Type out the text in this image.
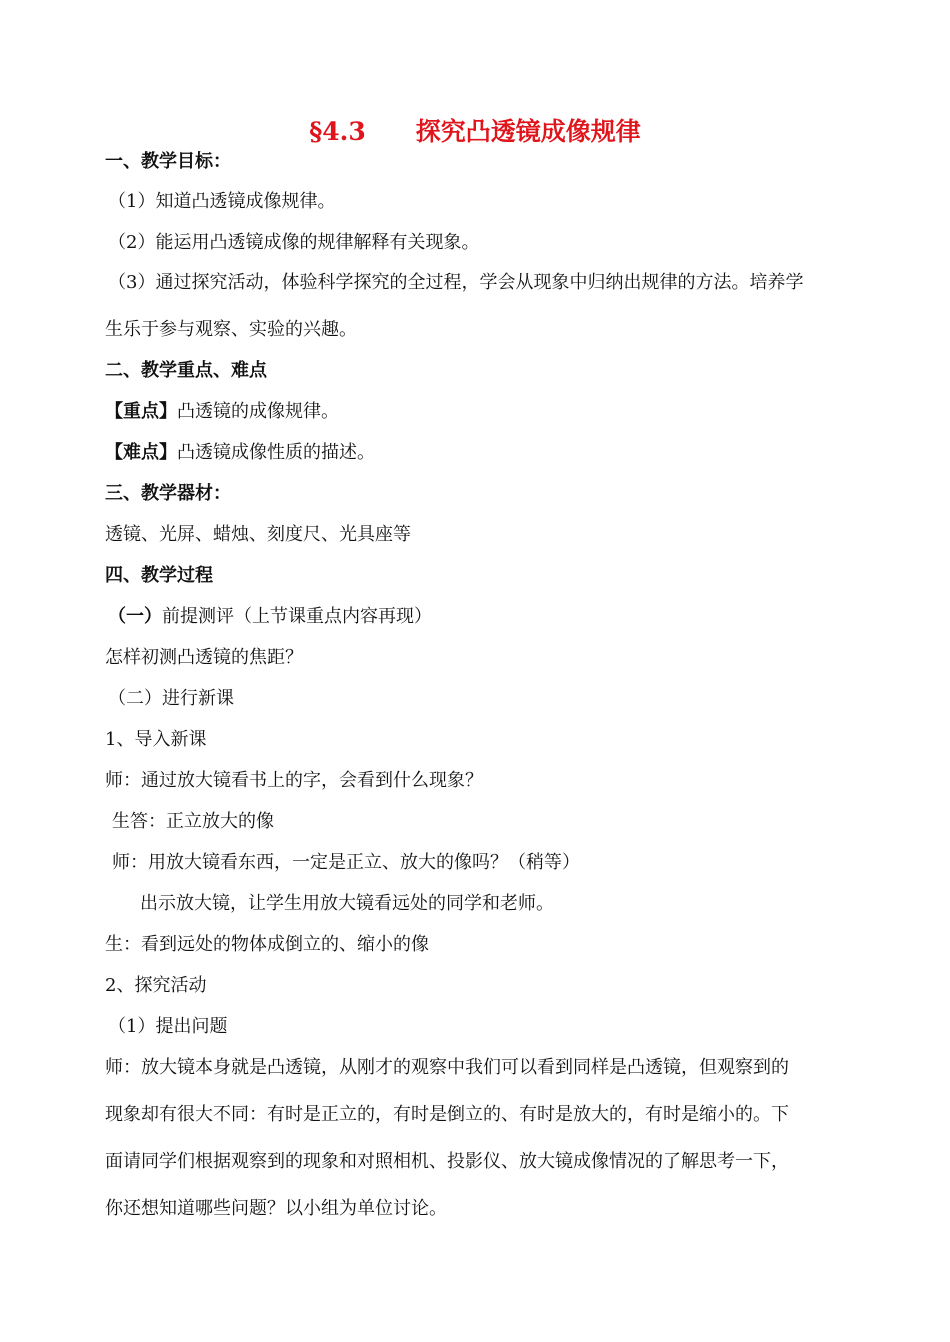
§4.3　　探究凸透镜成像规律
一、教学目标：
（1）知道凸透镜成像规律。
（2）能运用凸透镜成像的规律解释有关现象。
（3）通过探究活动，体验科学探究的全过程，学会从现象中归纳出规律的方法。培养学
生乐于参与观察、实验的兴趣。
二、教学重点、难点
【重点】凸透镜的成像规律。
【难点】凸透镜成像性质的描述。
三、教学器材：
透镜、光屏、蜡烛、刻度尺、光具座等
四、教学过程
（一）前提测评（上节课重点内容再现）
怎样初测凸透镜的焦距？
（二）进行新课
1、导入新课
师：通过放大镜看书上的字，会看到什么现象？
生答：正立放大的像
师：用放大镜看东西，一定是正立、放大的像吗？（稍等）
出示放大镜，让学生用放大镜看远处的同学和老师。
生：看到远处的物体成倒立的、缩小的像
2、探究活动
（1）提出问题
师：放大镜本身就是凸透镜，从刚才的观察中我们可以看到同样是凸透镜，但观察到的
现象却有很大不同：有时是正立的，有时是倒立的、有时是放大的，有时是缩小的。下
面请同学们根据观察到的现象和对照相机、投影仪、放大镜成像情况的了解思考一下，
你还想知道哪些问题？以小组为单位讨论。
